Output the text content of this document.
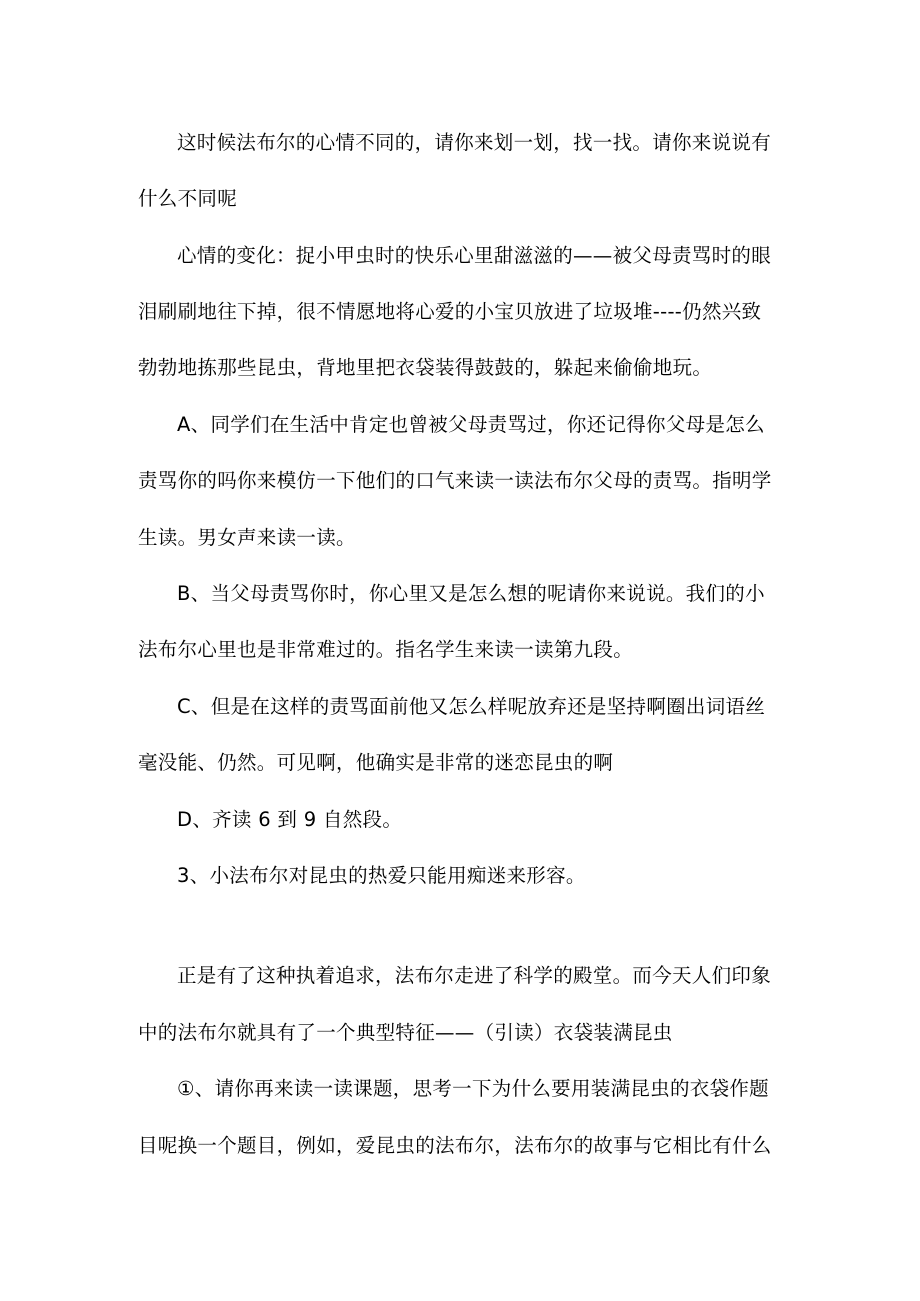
这时候法布尔的心情不同的，请你来划一划，找一找。请你来说说有
什么不同呢
心情的变化：捉小甲虫时的快乐心里甜滋滋的——被父母责骂时的眼
泪刷刷地往下掉，很不情愿地将心爱的小宝贝放进了垃圾堆----仍然兴致
勃勃地拣那些昆虫，背地里把衣袋装得鼓鼓的，躲起来偷偷地玩。
A、同学们在生活中肯定也曾被父母责骂过，你还记得你父母是怎么
责骂你的吗你来模仿一下他们的口气来读一读法布尔父母的责骂。指明学
生读。男女声来读一读。
B、当父母责骂你时，你心里又是怎么想的呢请你来说说。我们的小
法布尔心里也是非常难过的。指名学生来读一读第九段。
C、但是在这样的责骂面前他又怎么样呢放弃还是坚持啊圈出词语丝
毫没能、仍然。可见啊，他确实是非常的迷恋昆虫的啊
D、齐读 6 到 9 自然段。
3、小法布尔对昆虫的热爱只能用痴迷来形容。
正是有了这种执着追求，法布尔走进了科学的殿堂。而今天人们印象
中的法布尔就具有了一个典型特征——（引读）衣袋装满昆虫
①、请你再来读一读课题，思考一下为什么要用装满昆虫的衣袋作题
目呢换一个题目，例如，爱昆虫的法布尔，法布尔的故事与它相比有什么
